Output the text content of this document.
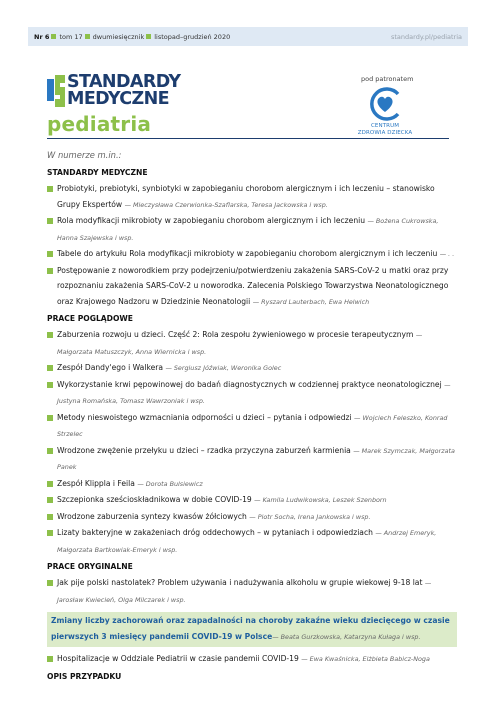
Nr 6 tom 17 dwumiesięcznik listopad–grudzień 2020	standardy.pl/pediatria
STANDARDY
MEDYCZNE
pediatria
pod patronatem
CENTRUM
ZDROWIA DZIECKA
W numerze m.in.:
STANDARDY MEDYCZNE
Probiotyki, prebiotyki, synbiotyki w zapobieganiu chorobom alergicznym i ich leczeniu – stanowisko Grupy Ekspertów — Mieczysława Czerwionka-Szaflarska, Teresa Jackowska i wsp.
Rola modyfikacji mikrobioty w zapobieganiu chorobom alergicznym i ich leczeniu — Bożena Cukrowska, Hanna Szajewska i wsp.
Tabele do artykułu Rola modyfikacji mikrobioty w zapobieganiu chorobom alergicznym i ich leczeniu — . .
Postępowanie z noworodkiem przy podejrzeniu/potwierdzeniu zakażenia SARS-CoV-2 u matki oraz przy rozpoznaniu zakażenia SARS-CoV-2 u noworodka. Zalecenia Polskiego Towarzystwa Neonatologicznego oraz Krajowego Nadzoru w Dziedzinie Neonatologii — Ryszard Lauterbach, Ewa Helwich
PRACE POGLĄDOWE
Zaburzenia rozwoju u dzieci. Część 2: Rola zespołu żywieniowego w procesie terapeutycznym — Małgorzata Matuszczyk, Anna Wiernicka i wsp.
Zespół Dandy'ego i Walkera — Sergiusz Jóźwiak, Weronika Golec
Wykorzystanie krwi pępowinowej do badań diagnostycznych w codziennej praktyce neonatologicznej — Justyna Romańska, Tomasz Wawrzoniak i wsp.
Metody nieswoistego wzmacniania odporności u dzieci – pytania i odpowiedzi — Wojciech Feleszko, Konrad Strzelec
Wrodzone zwężenie przełyku u dzieci – rzadka przyczyna zaburzeń karmienia — Marek Szymczak, Małgorzata Panek
Zespół Klippla i Feila — Dorota Bulsiewicz
Szczepionka sześcioskładnikowa w dobie COVID-19 — Kamila Ludwikowska, Leszek Szenborn
Wrodzone zaburzenia syntezy kwasów żółciowych — Piotr Socha, Irena Jankowska i wsp.
Lizaty bakteryjne w zakażeniach dróg oddechowych – w pytaniach i odpowiedziach — Andrzej Emeryk, Małgorzata Bartkowiak-Emeryk i wsp.
PRACE ORYGINALNE
Jak pije polski nastolatek? Problem używania i nadużywania alkoholu w grupie wiekowej 9-18 lat — Jarosław Kwiecień, Olga Milczarek i wsp.
Zmiany liczby zachorowań oraz zapadalności na choroby zakaźne wieku dziecięcego w czasie pierwszych 3 miesięcy pandemii COVID-19 w Polsce— Beata Gurzkowska, Katarzyna Kułaga i wsp.
Hospitalizacje w Oddziale Pediatrii w czasie pandemii COVID-19 — Ewa Kwaśnicka, Elżbieta Babicz-Noga
OPIS PRZYPADKU
